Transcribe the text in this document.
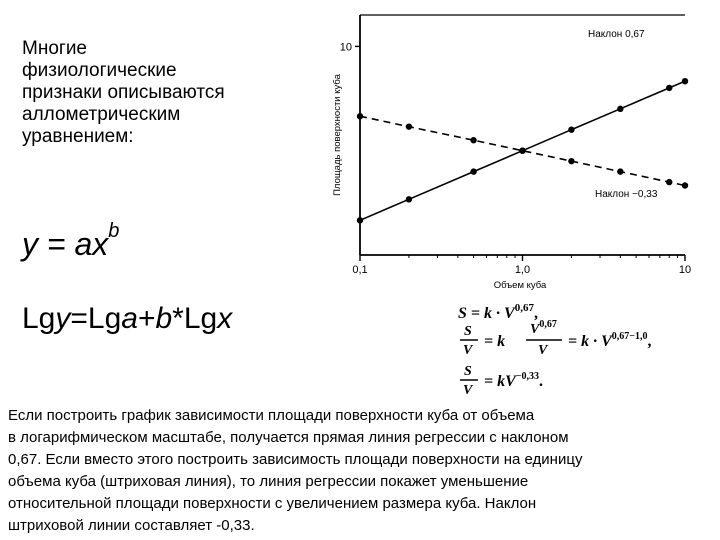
Многие
физиологические
признаки описываются
аллометрическим
уравнением:
$y = ax^b$
Lgy=Lga+b*Lgx
0,1	1,0	10
10
Площадь поверхности куба
Объем куба
Наклон 0,67
Наклон −0,33
S = k · V$^{0,67}$,
S
V
= k
V$^{0,67}$
V
= $k \cdot V^{0,67-1,0}$,
S
V
= $kV^{-0,33}$.
Если построить график зависимости площади поверхности куба от объема
в логарифмическом масштабе, получается прямая линия регрессии с наклоном
0,67. Если вместо этого построить зависимость площади поверхности на единицу
объема куба (штриховая линия), то линия регрессии покажет уменьшение
относительной площади поверхности с увеличением размера куба. Наклон
штриховой линии составляет -0,33.
